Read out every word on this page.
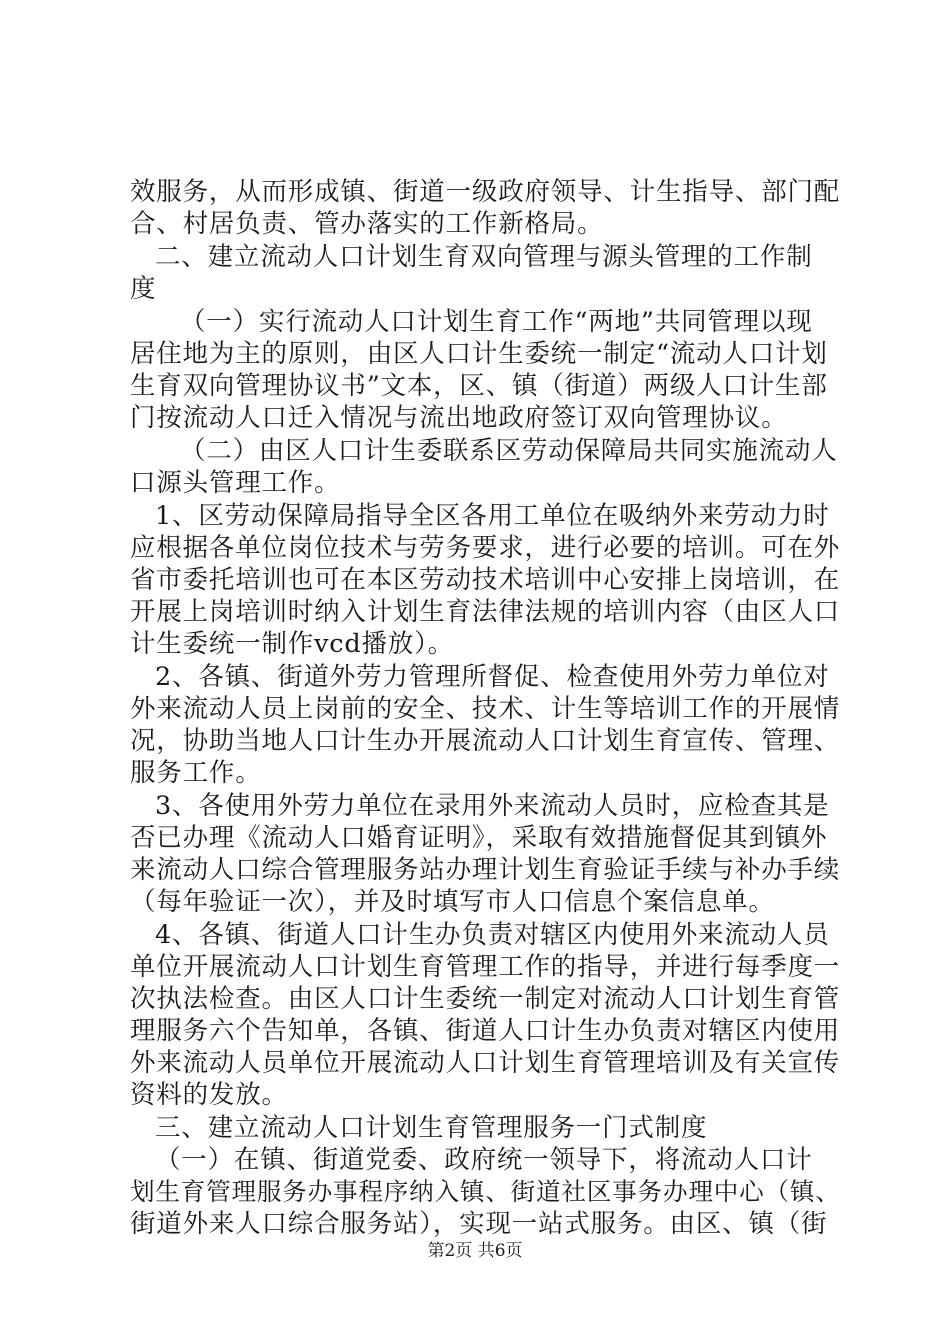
效服务，从而形成镇、街道一级政府领导、计生指导、部门配
合、村居负责、管办落实的工作新格局。
二、建立流动人口计划生育双向管理与源头管理的工作制
度
（一）实行流动人口计划生育工作“两地”共同管理以现
居住地为主的原则，由区人口计生委统一制定“流动人口计划
生育双向管理协议书”文本，区、镇（街道）两级人口计生部
门按流动人口迁入情况与流出地政府签订双向管理协议。
（二）由区人口计生委联系区劳动保障局共同实施流动人
口源头管理工作。
1、区劳动保障局指导全区各用工单位在吸纳外来劳动力时
应根据各单位岗位技术与劳务要求，进行必要的培训。可在外
省市委托培训也可在本区劳动技术培训中心安排上岗培训，在
开展上岗培训时纳入计划生育法律法规的培训内容（由区人口
计生委统一制作vcd播放）。
2、各镇、街道外劳力管理所督促、检查使用外劳力单位对
外来流动人员上岗前的安全、技术、计生等培训工作的开展情
况，协助当地人口计生办开展流动人口计划生育宣传、管理、
服务工作。
3、各使用外劳力单位在录用外来流动人员时，应检查其是
否已办理《流动人口婚育证明》，采取有效措施督促其到镇外
来流动人口综合管理服务站办理计划生育验证手续与补办手续
（每年验证一次），并及时填写市人口信息个案信息单。
4、各镇、街道人口计生办负责对辖区内使用外来流动人员
单位开展流动人口计划生育管理工作的指导，并进行每季度一
次执法检查。由区人口计生委统一制定对流动人口计划生育管
理服务六个告知单，各镇、街道人口计生办负责对辖区内使用
外来流动人员单位开展流动人口计划生育管理培训及有关宣传
资料的发放。
三、建立流动人口计划生育管理服务一门式制度
（一）在镇、街道党委、政府统一领导下，将流动人口计
划生育管理服务办事程序纳入镇、街道社区事务办理中心（镇、
街道外来人口综合服务站），实现一站式服务。由区、镇（街
第2页 共6页
